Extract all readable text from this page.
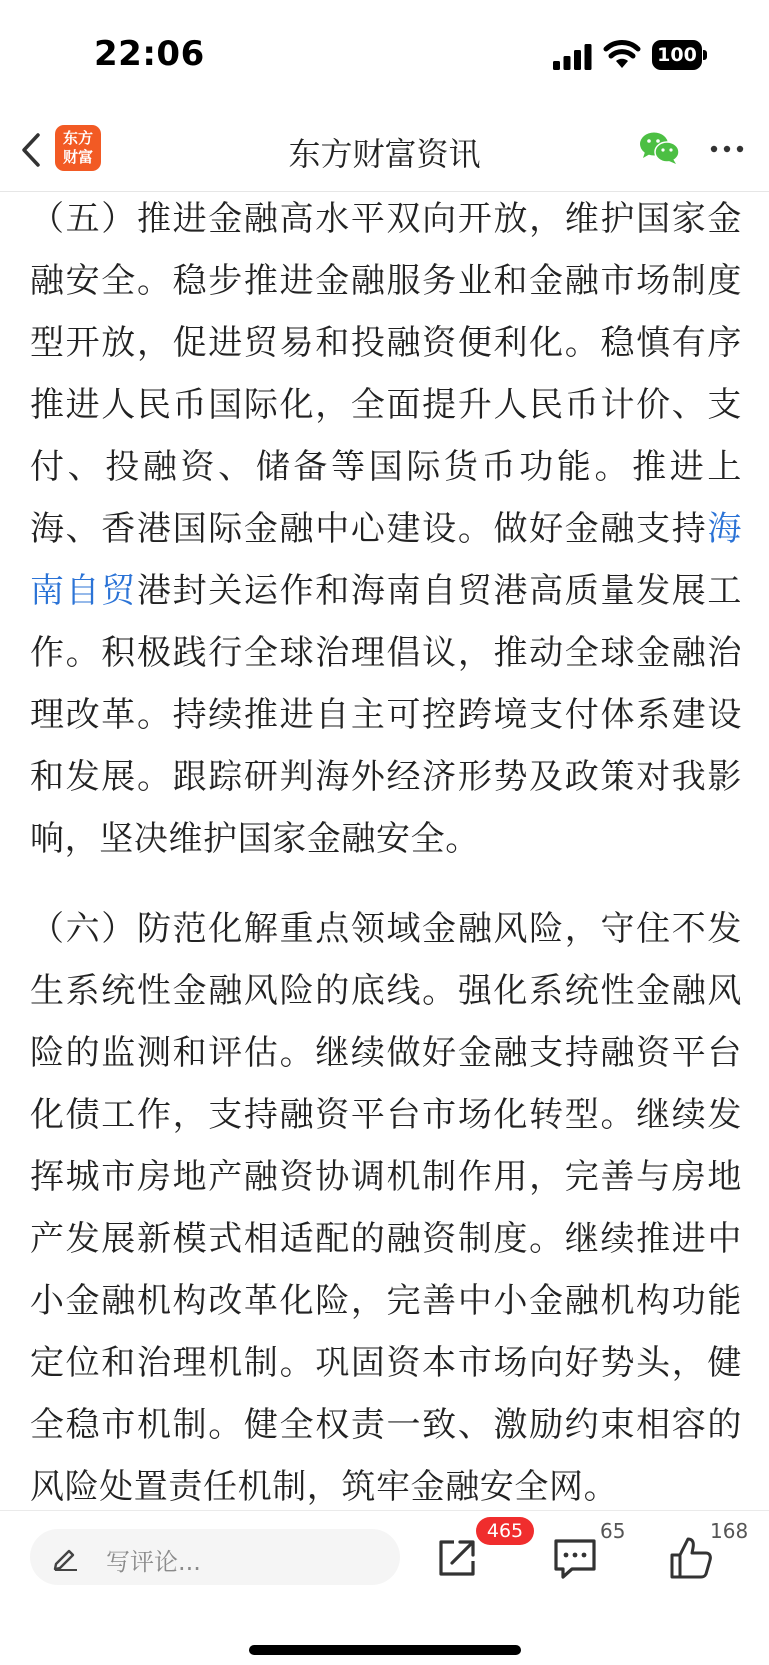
22:06	100
东方
财富	东方财富资讯

（五）推进金融高水平双向开放，维护国家金融安全。稳步推进金融服务业和金融市场制度型开放，促进贸易和投融资便利化。稳慎有序推进人民币国际化，全面提升人民币计价、支付、投融资、储备等国际货币功能。推进上海、香港国际金融中心建设。做好金融支持海南自贸港封关运作和海南自贸港高质量发展工作。积极践行全球治理倡议，推动全球金融治理改革。持续推进自主可控跨境支付体系建设和发展。跟踪研判海外经济形势及政策对我影响，坚决维护国家金融安全。

（六）防范化解重点领域金融风险，守住不发生系统性金融风险的底线。强化系统性金融风险的监测和评估。继续做好金融支持融资平台化债工作，支持融资平台市场化转型。继续发挥城市房地产融资协调机制作用，完善与房地产发展新模式相适配的融资制度。继续推进中小金融机构改革化险，完善中小金融机构功能定位和治理机制。巩固资本市场向好势头，健全稳市机制。健全权责一致、激励约束相容的风险处置责任机制，筑牢金融安全网。

写评论...
465	65	168
